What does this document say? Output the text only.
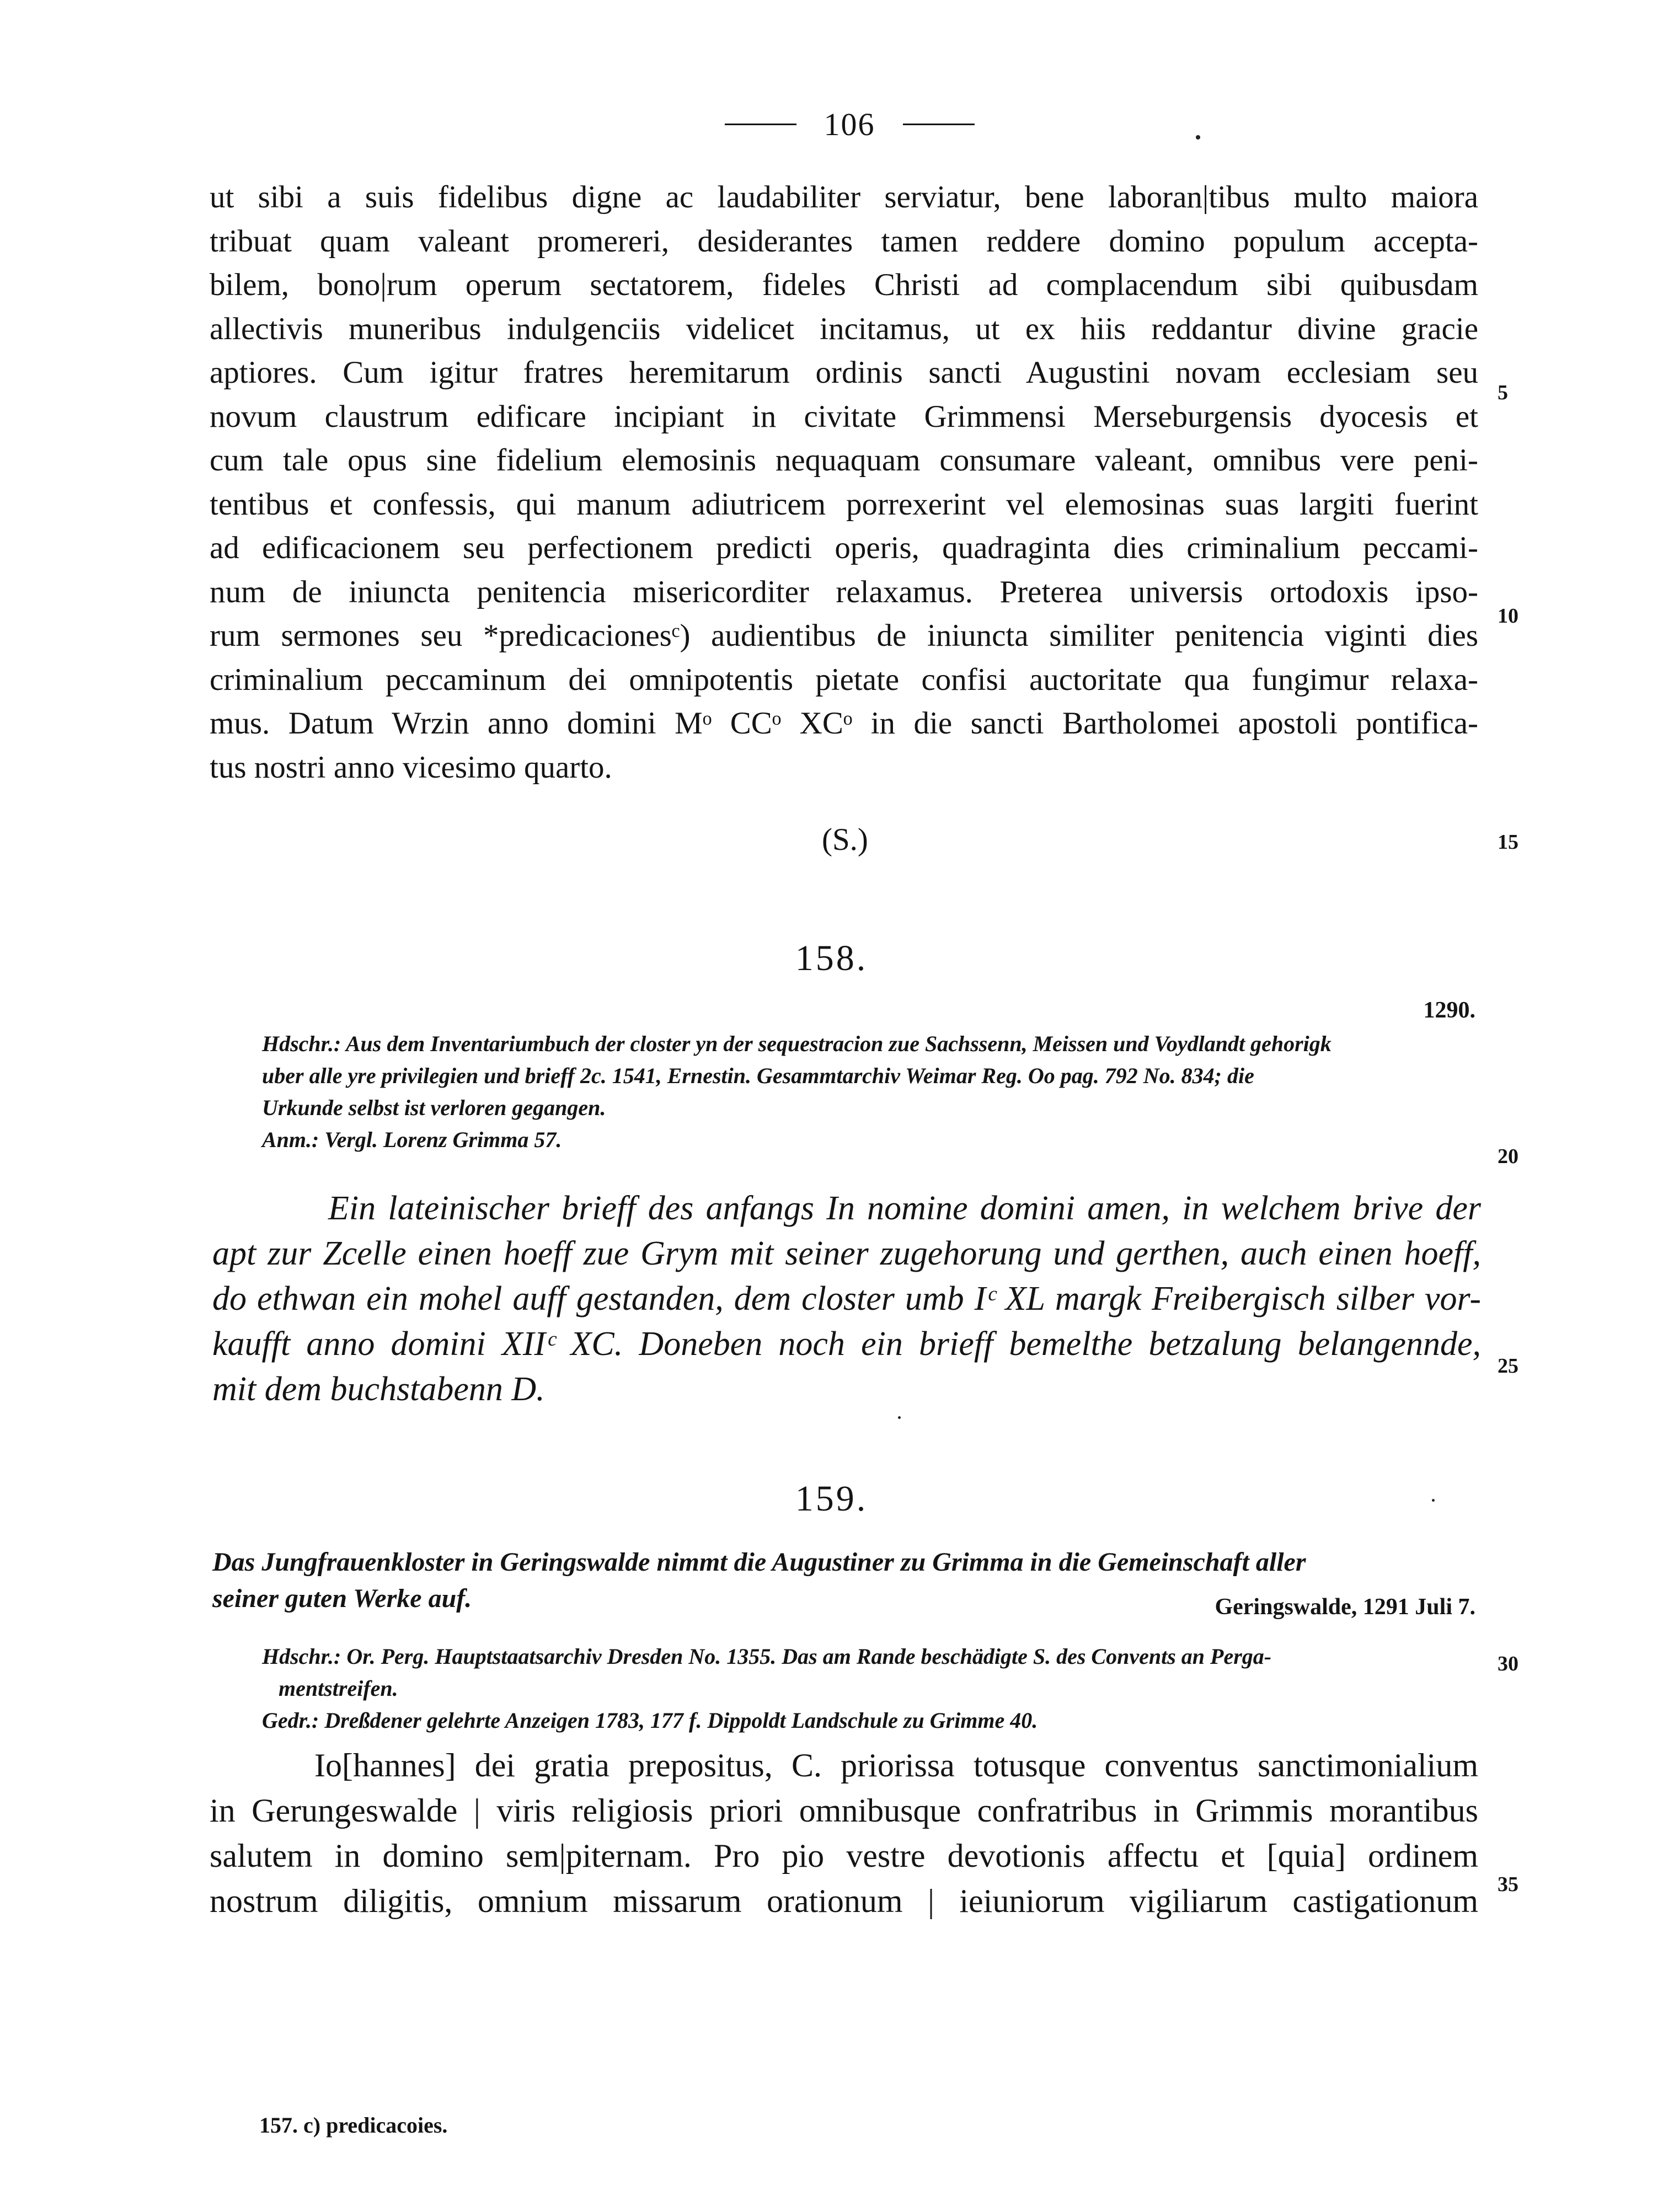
106
ut sibi a suis fidelibus digne ac laudabiliter serviatur, bene laboran|tibus multo maiora
tribuat quam valeant promereri, desiderantes tamen reddere domino populum accepta-
bilem, bono|rum operum sectatorem, fideles Christi ad complacendum sibi quibusdam
allectivis muneribus indulgenciis videlicet incitamus, ut ex hiis reddantur divine gracie
aptiores. Cum igitur fratres heremitarum ordinis sancti Augustini novam ecclesiam seu
novum claustrum edificare incipiant in civitate Grimmensi Merseburgensis dyocesis et
cum tale opus sine fidelium elemosinis nequaquam consumare valeant, omnibus vere peni-
tentibus et confessis, qui manum adiutricem porrexerint vel elemosinas suas largiti fuerint
ad edificacionem seu perfectionem predicti operis, quadraginta dies criminalium peccami-
num de iniuncta penitencia misericorditer relaxamus. Preterea universis ortodoxis ipso-
rum sermones seu *predicacionesᶜ) audientibus de iniuncta similiter penitencia viginti dies
criminalium peccaminum dei omnipotentis pietate confisi auctoritate qua fungimur relaxa-
mus. Datum Wrzin anno domini Mᵒ CCᵒ XCᵒ in die sancti Bartholomei apostoli pontifica-
tus nostri anno vicesimo quarto.
(S.)
5
10
15
20
25
30
35
158.
1290.
Hdschr.: Aus dem Inventariumbuch der closter yn der sequestracion zue Sachssenn, Meissen und Voydlandt gehorigk
uber alle yre privilegien und brieff 2c. 1541, Ernestin. Gesammtarchiv Weimar Reg. Oo pag. 792 No. 834; die
Urkunde selbst ist verloren gegangen.
Anm.: Vergl. Lorenz Grimma 57.
Ein lateinischer brieff des anfangs In nomine domini amen, in welchem brive der
apt zur Zcelle einen hoeff zue Grym mit seiner zugehorung und gerthen, auch einen hoeff,
do ethwan ein mohel auff gestanden, dem closter umb Iᶜ XL margk Freibergisch silber vor-
kaufft anno domini XIIᶜ XC. Doneben noch ein brieff bemelthe betzalung belangennde,
mit dem buchstabenn D.
159.
Das Jungfrauenkloster in Geringswalde nimmt die Augustiner zu Grimma in die Gemeinschaft aller
seiner guten Werke auf.	Geringswalde, 1291 Juli 7.
Hdschr.: Or. Perg. Hauptstaatsarchiv Dresden No. 1355. Das am Rande beschädigte S. des Convents an Perga-
mentstreifen.
Gedr.: Dreßdener gelehrte Anzeigen 1783, 177 f. Dippoldt Landschule zu Grimme 40.
Io[hannes] dei gratia prepositus, C. priorissa totusque conventus sanctimonialium
in Gerungeswalde | viris religiosis priori omnibusque confratribus in Grimmis morantibus
salutem in domino sem|piternam. Pro pio vestre devotionis affectu et [quia] ordinem
nostrum diligitis, omnium missarum orationum | ieiuniorum vigiliarum castigationum
157. c) predicacoies.
